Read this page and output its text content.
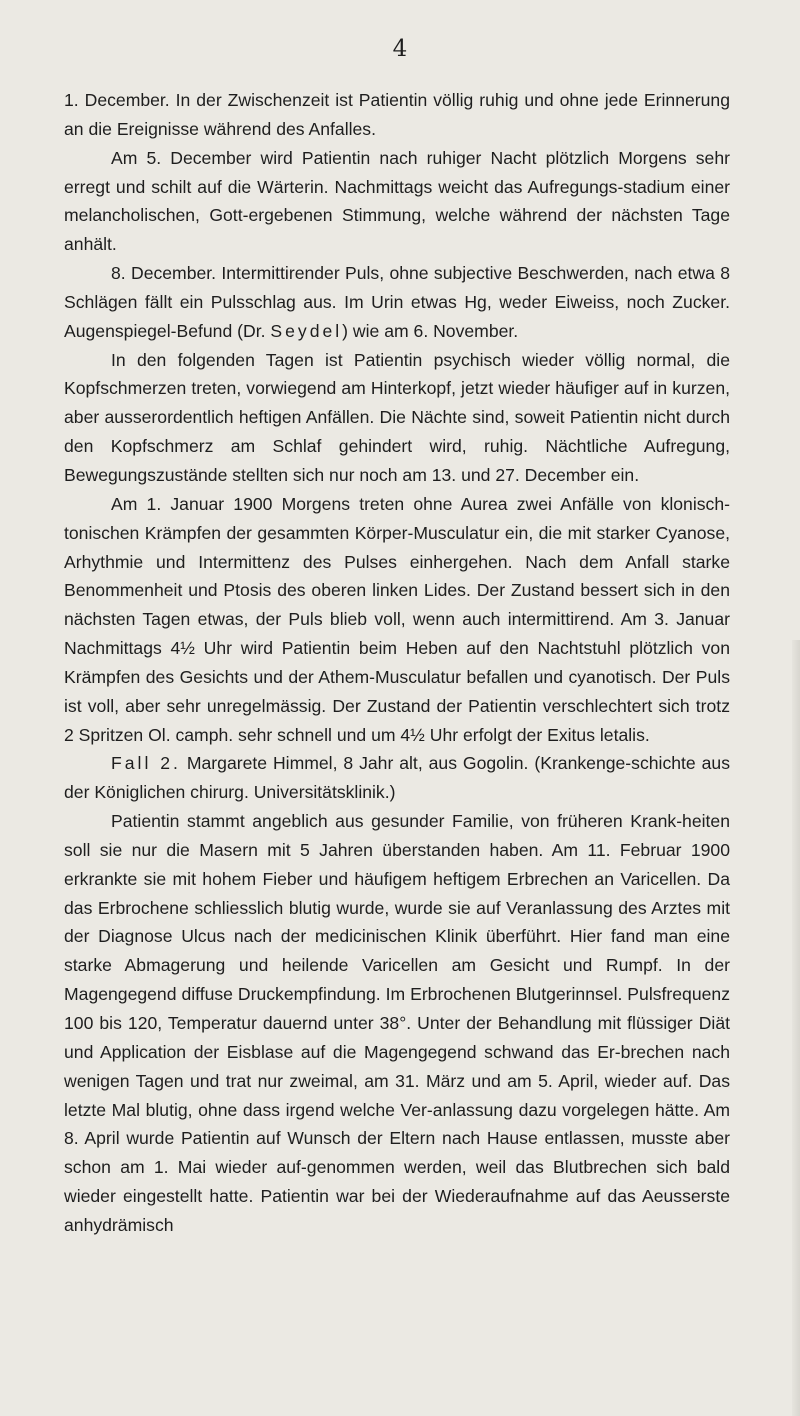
4

1. December. In der Zwischenzeit ist Patientin völlig ruhig und ohne jede Erinnerung an die Ereignisse während des Anfalles.

Am 5. December wird Patientin nach ruhiger Nacht plötzlich Morgens sehr erregt und schilt auf die Wärterin. Nachmittags weicht das Aufregungs-stadium einer melancholischen, Gott-ergebenen Stimmung, welche während der nächsten Tage anhält.

8. December. Intermittirender Puls, ohne subjective Beschwerden, nach etwa 8 Schlägen fällt ein Pulsschlag aus. Im Urin etwas Hg, weder Eiweiss, noch Zucker. Augenspiegel-Befund (Dr. Seydel) wie am 6. November.

In den folgenden Tagen ist Patientin psychisch wieder völlig normal, die Kopfschmerzen treten, vorwiegend am Hinterkopf, jetzt wieder häufiger auf in kurzen, aber ausserordentlich heftigen Anfällen. Die Nächte sind, soweit Patientin nicht durch den Kopfschmerz am Schlaf gehindert wird, ruhig. Nächtliche Aufregung, Bewegungszustände stellten sich nur noch am 13. und 27. December ein.

Am 1. Januar 1900 Morgens treten ohne Aurea zwei Anfälle von klonisch-tonischen Krämpfen der gesammten Körper-Musculatur ein, die mit starker Cyanose, Arhythmie und Intermittenz des Pulses einhergehen. Nach dem Anfall starke Benommenheit und Ptosis des oberen linken Lides. Der Zustand bessert sich in den nächsten Tagen etwas, der Puls blieb voll, wenn auch intermittirend. Am 3. Januar Nachmittags 4½ Uhr wird Patientin beim Heben auf den Nachtstuhl plötzlich von Krämpfen des Gesichts und der Athem-Musculatur befallen und cyanotisch. Der Puls ist voll, aber sehr unregelmässig. Der Zustand der Patientin verschlechtert sich trotz 2 Spritzen Ol. camph. sehr schnell und um 4½ Uhr erfolgt der Exitus letalis.

Fall 2. Margarete Himmel, 8 Jahr alt, aus Gogolin. (Krankenge-schichte aus der Königlichen chirurg. Universitätsklinik.)

Patientin stammt angeblich aus gesunder Familie, von früheren Krank-heiten soll sie nur die Masern mit 5 Jahren überstanden haben. Am 11. Februar 1900 erkrankte sie mit hohem Fieber und häufigem heftigem Erbrechen an Varicellen. Da das Erbrochene schliesslich blutig wurde, wurde sie auf Veranlassung des Arztes mit der Diagnose Ulcus nach der medicinischen Klinik überführt. Hier fand man eine starke Abmagerung und heilende Varicellen am Gesicht und Rumpf. In der Magengegend diffuse Druckempfindung. Im Erbrochenen Blutgerinnsel. Pulsfrequenz 100 bis 120, Temperatur dauernd unter 38°. Unter der Behandlung mit flüssiger Diät und Application der Eisblase auf die Magengegend schwand das Er-brechen nach wenigen Tagen und trat nur zweimal, am 31. März und am 5. April, wieder auf. Das letzte Mal blutig, ohne dass irgend welche Ver-anlassung dazu vorgelegen hätte. Am 8. April wurde Patientin auf Wunsch der Eltern nach Hause entlassen, musste aber schon am 1. Mai wieder auf-genommen werden, weil das Blutbrechen sich bald wieder eingestellt hatte. Patientin war bei der Wiederaufnahme auf das Aeusserste anhydrämisch
